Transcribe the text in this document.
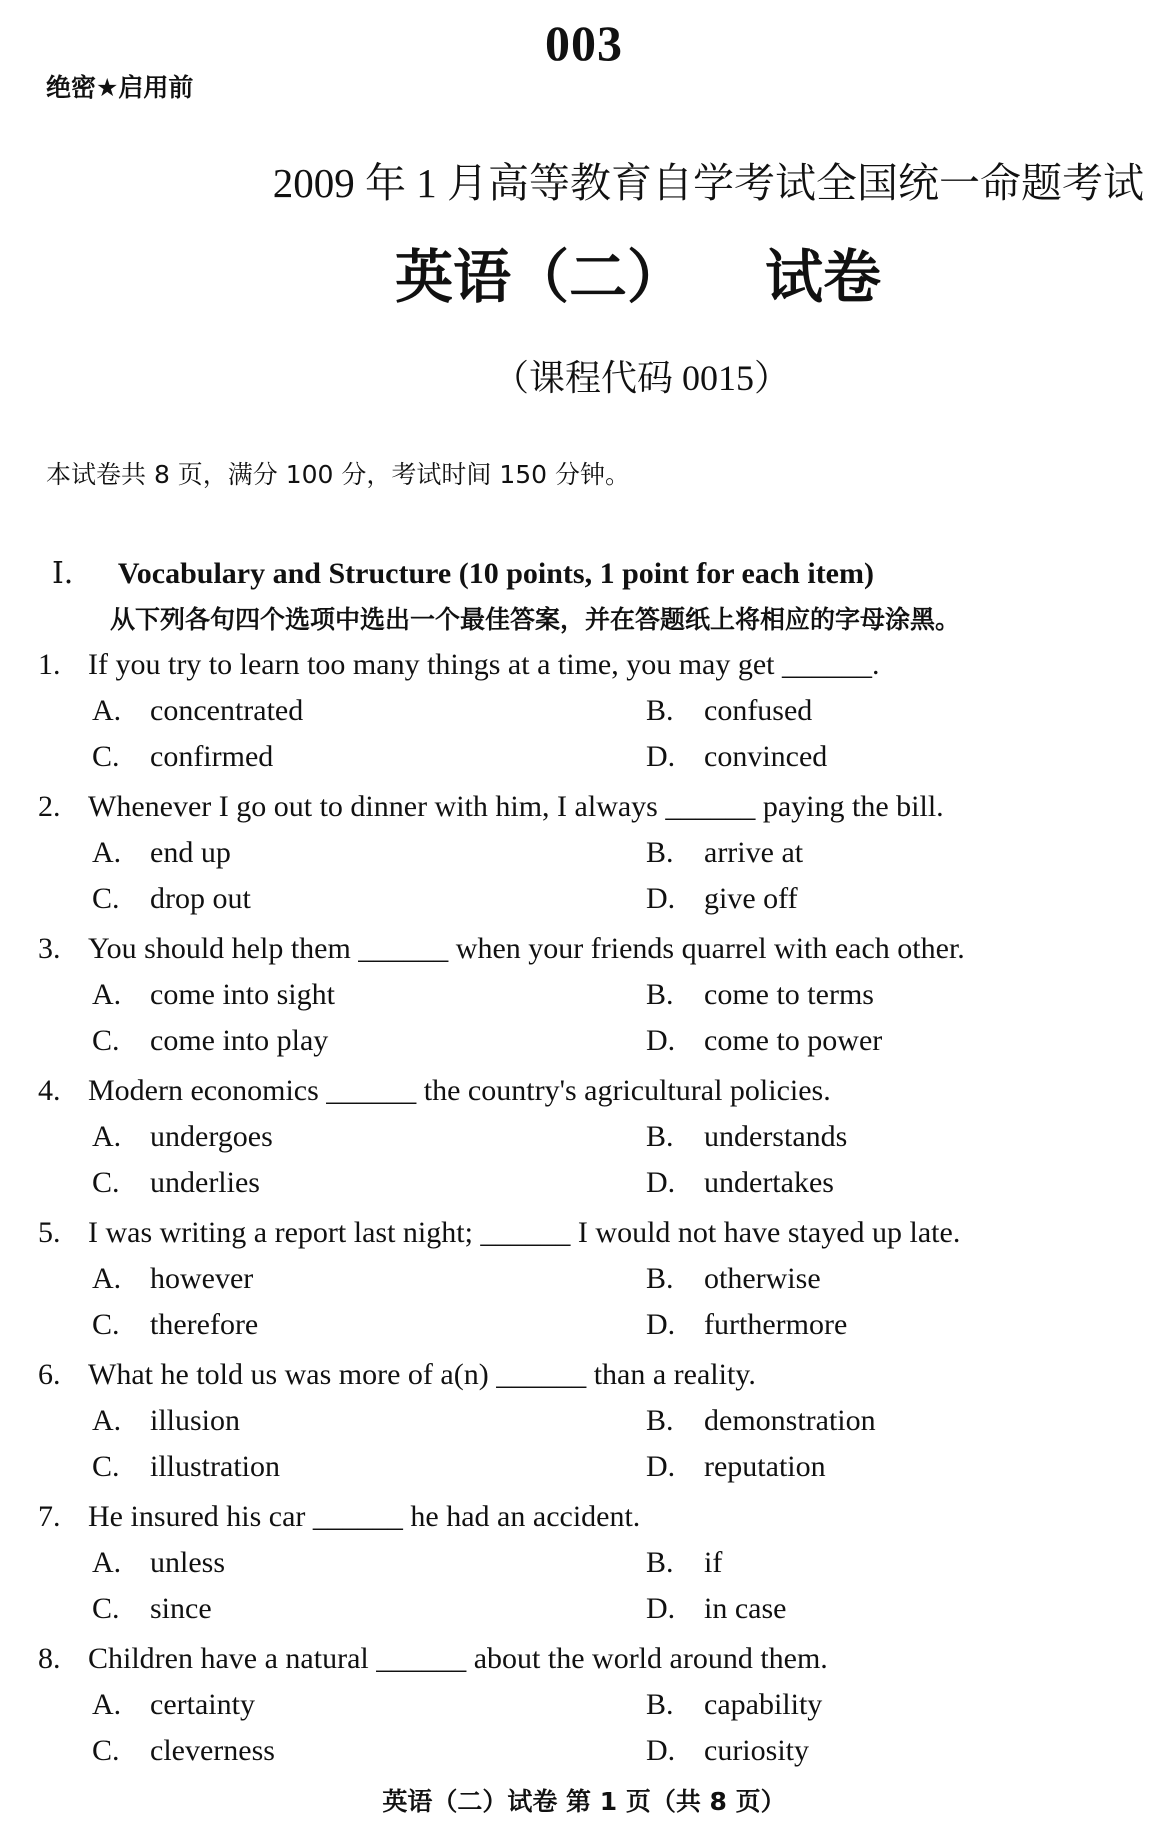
003
绝密★启用前
2009 年 1 月高等教育自学考试全国统一命题考试
英语（二） 试卷
（课程代码 0015）
本试卷共 8 页，满分 100 分，考试时间 150 分钟。
I． Vocabulary and Structure (10 points, 1 point for each item)
从下列各句四个选项中选出一个最佳答案，并在答题纸上将相应的字母涂黑。
1. If you try to learn too many things at a time, you may get ______.
A. concentrated	B. confused
C. confirmed	D. convinced
2. Whenever I go out to dinner with him, I always ______ paying the bill.
A. end up	B. arrive at
C. drop out	D. give off
3. You should help them ______ when your friends quarrel with each other.
A. come into sight	B. come to terms
C. come into play	D. come to power
4. Modern economics ______ the country's agricultural policies.
A. undergoes	B. understands
C. underlies	D. undertakes
5. I was writing a report last night; ______ I would not have stayed up late.
A. however	B. otherwise
C. therefore	D. furthermore
6. What he told us was more of a(n) ______ than a reality.
A. illusion	B. demonstration
C. illustration	D. reputation
7. He insured his car ______ he had an accident.
A. unless	B. if
C. since	D. in case
8. Children have a natural ______ about the world around them.
A. certainty	B. capability
C. cleverness	D. curiosity
英语（二）试卷 第 1 页（共 8 页）
